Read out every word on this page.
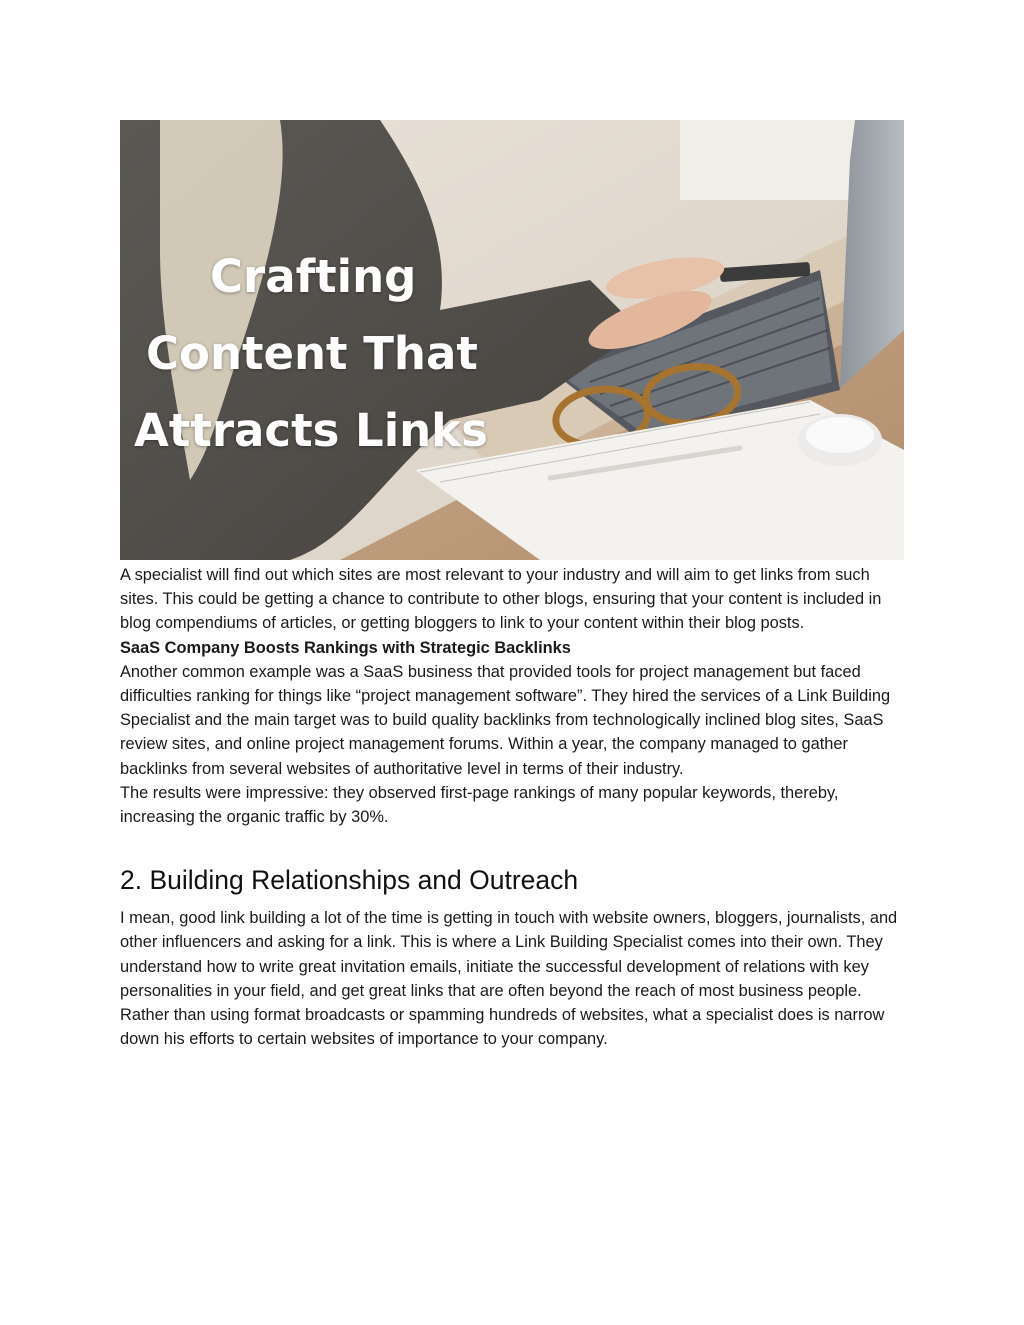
Crafting
Content That
Attracts Links

A specialist will find out which sites are most relevant to your industry and will aim to get links from such sites. This could be getting a chance to contribute to other blogs, ensuring that your content is included in blog compendiums of articles, or getting bloggers to link to your content within their blog posts.

SaaS Company Boosts Rankings with Strategic Backlinks

Another common example was a SaaS business that provided tools for project management but faced difficulties ranking for things like “project management software”. They hired the services of a Link Building Specialist and the main target was to build quality backlinks from technologically inclined blog sites, SaaS review sites, and online project management forums. Within a year, the company managed to gather backlinks from several websites of authoritative level in terms of their industry.

The results were impressive: they observed first-page rankings of many popular keywords, thereby, increasing the organic traffic by 30%.

2. Building Relationships and Outreach

I mean, good link building a lot of the time is getting in touch with website owners, bloggers, journalists, and other influencers and asking for a link. This is where a Link Building Specialist comes into their own. They understand how to write great invitation emails, initiate the successful development of relations with key personalities in your field, and get great links that are often beyond the reach of most business people.

Rather than using format broadcasts or spamming hundreds of websites, what a specialist does is narrow down his efforts to certain websites of importance to your company.
